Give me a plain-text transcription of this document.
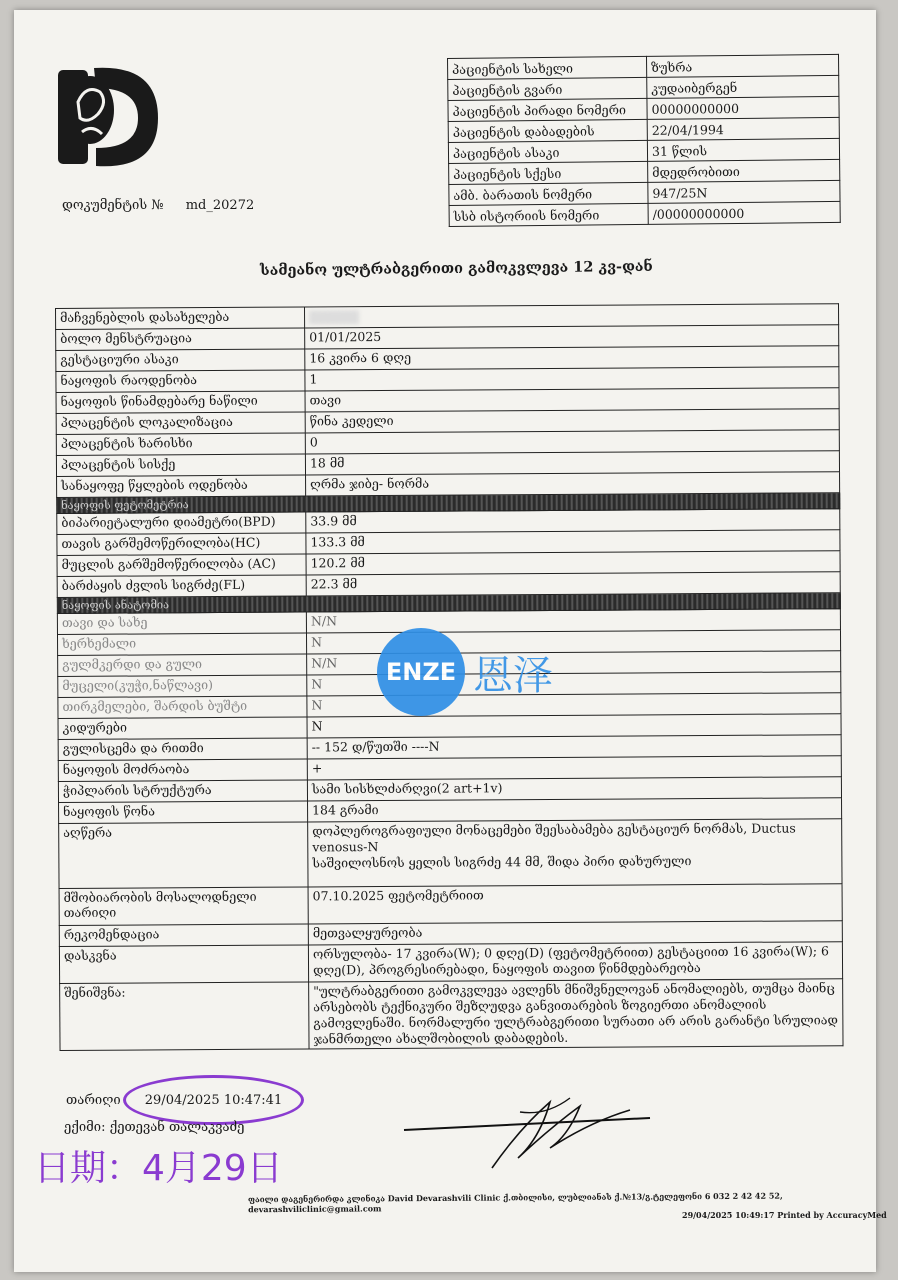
დოკუმენტის № md_20272
პაციენტის სახელი	ზუხრა
პაციენტის გვარი	კუდაიბერგენ
პაციენტის პირადი ნომერი	00000000000
პაციენტის დაბადების	22/04/1994
პაციენტის ასაკი	31 წლის
პაციენტის სქესი	მდედრობითი
ამბ. ბარათის ნომერი	947/25N
სსბ ისტორიის ნომერი	/00000000000
სამეანო ულტრაბგერითი გამოკვლევა 12 კვ-დან
მაჩვენებლის დასახელება	
ბოლო მენსტრუაცია	01/01/2025
გესტაციური ასაკი	16 კვირა 6 დღე
ნაყოფის რაოდენობა	1
ნაყოფის წინამდებარე ნაწილი	თავი
პლაცენტის ლოკალიზაცია	წინა კედელი
პლაცენტის ხარისხი	0
პლაცენტის სისქე	18 მმ
სანაყოფე წყლების ოდენობა	ღრმა ჯიბე- ნორმა
ნაყოფის ფეტომეტრია	
ბიპარიეტალური დიამეტრი(BPD)	33.9 მმ
თავის გარშემოწერილობა(HC)	133.3 მმ
მუცლის გარშემოწერილობა (AC)	120.2 მმ
ბარძაყის ძვლის სიგრძე(FL)	22.3 მმ
ნაყოფის ანატომია	
თავი და სახე	N/N
ხერხემალი	N
გულმკერდი და გული	N/N
მუცელი(კუჭი,ნაწლავი)	N
თირკმელები, შარდის ბუშტი	N
კიდურები	N
გულისცემა და რითმი	-- 152 დ/წუთში ----N
ნაყოფის მოძრაობა	+
ჭიპლარის სტრუქტურა	სამი სისხლძარღვი(2 art+1v)
ნაყოფის წონა	184 გრამი
აღწერა	დოპლეროგრაფიული მონაცემები შეესაბამება გესტაციურ ნორმას, Ductus venosus-N
საშვილოსნოს ყელის სიგრძე 44 მმ, შიდა პირი დახურული

მშობიარობის მოსალოდნელი თარიღი	07.10.2025 ფეტომეტრიით
რეკომენდაცია	მეთვალყურეობა
დასკვნა	ორსულობა- 17 კვირა(W); 0 დღე(D) (ფეტომეტრიით) გესტაციით 16 კვირა(W); 6 დღე(D), პროგრესირებადი, ნაყოფის თავით წინმდებარეობა
შენიშვნა:	"ულტრაბგერითი გამოკვლევა ავლენს მნიშვნელოვან ანომალიებს, თუმცა მაინც არსებობს ტექნიკური შეზღუდვა განვითარების ზოგიერთი ანომალიის გამოვლენაში. ნორმალური ულტრაბგერითი სურათი არ არის გარანტი სრულიად ჯანმრთელი ახალშობილის დაბადების.
ENZE 恩泽
თარიღი 29/04/2025 10:47:41
ექიმი: ქეთევან თალაკვაძე
日期：4月29日
ფაილი დაგენერირდა კლინიკა David Devarashvili Clinic ქ.თბილისი, ლუბლიანას ქ.№13/გ.ტელეფონი 6 032 2 42 42 52, devarashviliclinic@gmail.com
29/04/2025 10:49:17 Printed by AccuracyMed
